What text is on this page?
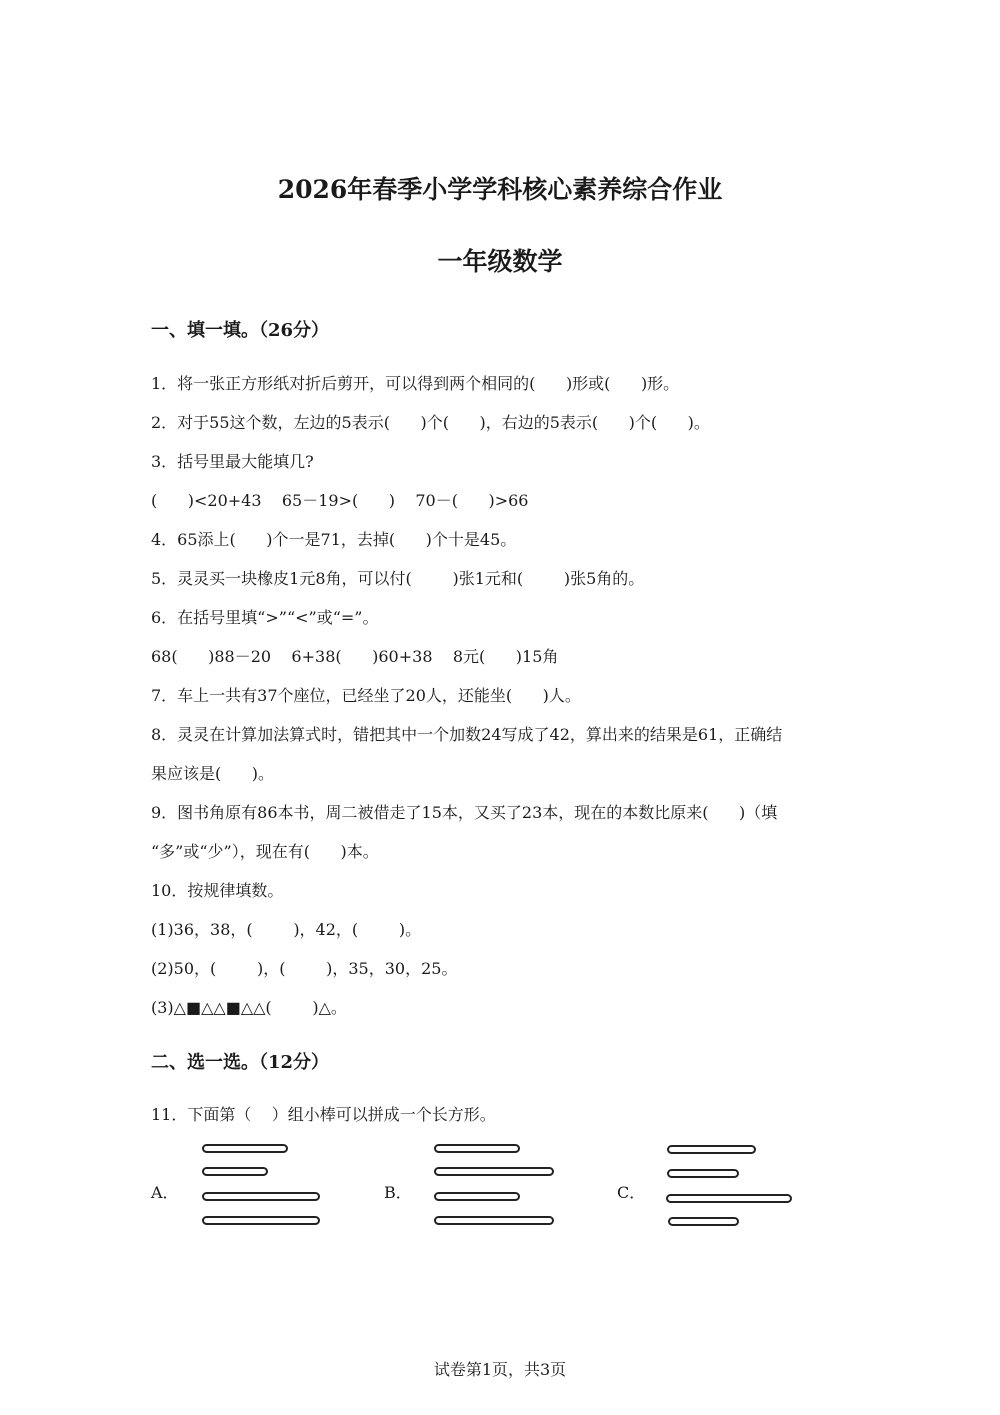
2026年春季小学学科核心素养综合作业
一年级数学
一、填一填。（26分）
1．将一张正方形纸对折后剪开，可以得到两个相同的(      )形或(      )形。
2．对于55这个数，左边的5表示(      )个(      )，右边的5表示(      )个(      )。
3．括号里最大能填几?
(      )<20+43    65－19>(      )    70－(      )>66
4．65添上(      )个一是71，去掉(      )个十是45。
5．灵灵买一块橡皮1元8角，可以付(        )张1元和(        )张5角的。
6．在括号里填“>”“<”或“=”。
68(      )88－20    6+38(      )60+38    8元(      )15角
7．车上一共有37个座位，已经坐了20人，还能坐(      )人。
8．灵灵在计算加法算式时，错把其中一个加数24写成了42，算出来的结果是61，正确结
果应该是(      )。
9．图书角原有86本书，周二被借走了15本，又买了23本，现在的本数比原来(      )（填
“多”或“少”），现在有(      )本。
10．按规律填数。
(1)36，38，(        )，42，(        )。
(2)50，(        )，(        )，35，30，25。
(3)△■△△■△△(        )△。
二、选一选。（12分）
11．下面第（    ）组小棒可以拼成一个长方形。
A．	B．	C．
试卷第1页，共3页
